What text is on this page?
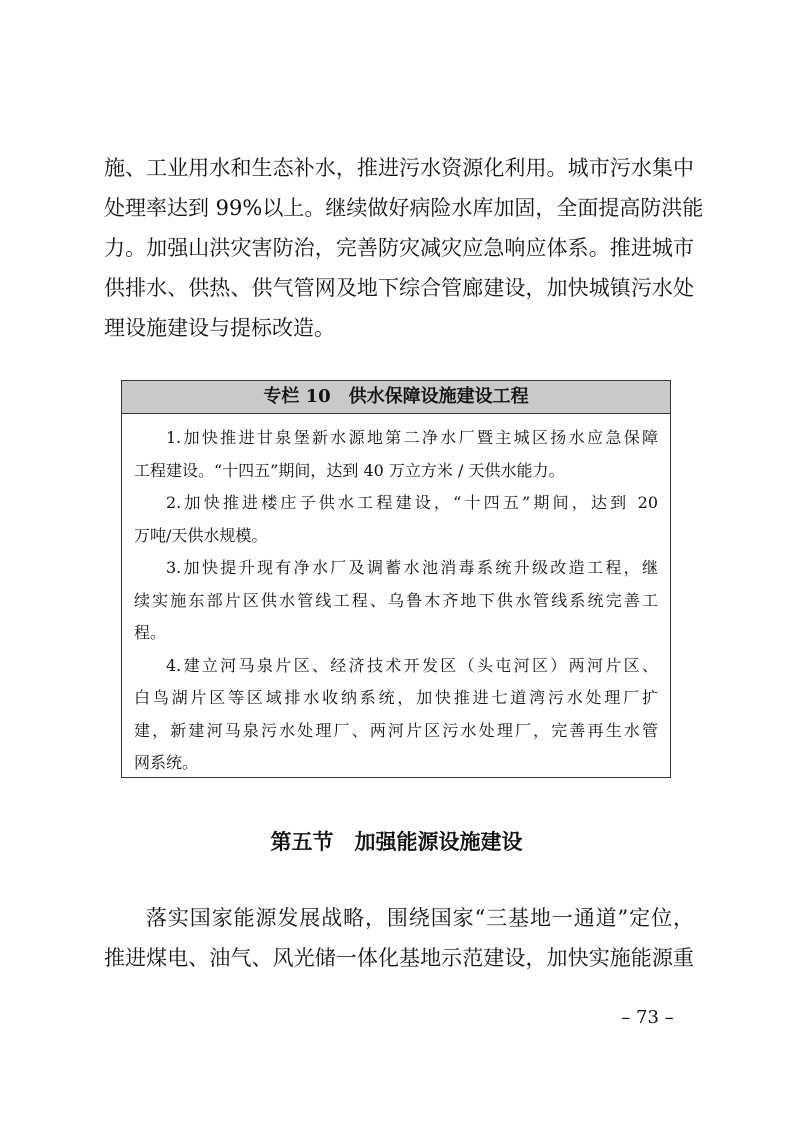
施、工业用水和生态补水，推进污水资源化利用。城市污水集中
处理率达到 99%以上。继续做好病险水库加固，全面提高防洪能
力。加强山洪灾害防治，完善防灾减灾应急响应体系。推进城市
供排水、供热、供气管网及地下综合管廊建设，加快城镇污水处
理设施建设与提标改造。
专栏 10　供水保障设施建设工程
1.加快推进甘泉堡新水源地第二净水厂暨主城区扬水应急保障
工程建设。“十四五”期间，达到 40 万立方米 / 天供水能力。
2.加快推进楼庄子供水工程建设，“十四五”期间，达到 20
万吨/天供水规模。
3.加快提升现有净水厂及调蓄水池消毒系统升级改造工程，继
续实施东部片区供水管线工程、乌鲁木齐地下供水管线系统完善工
程。
4.建立河马泉片区、经济技术开发区（头屯河区）两河片区、
白鸟湖片区等区域排水收纳系统，加快推进七道湾污水处理厂扩
建，新建河马泉污水处理厂、两河片区污水处理厂，完善再生水管
网系统。
第五节　加强能源设施建设
落实国家能源发展战略，围绕国家“三基地一通道”定位，
推进煤电、油气、风光储一体化基地示范建设，加快实施能源重
– 73 –
